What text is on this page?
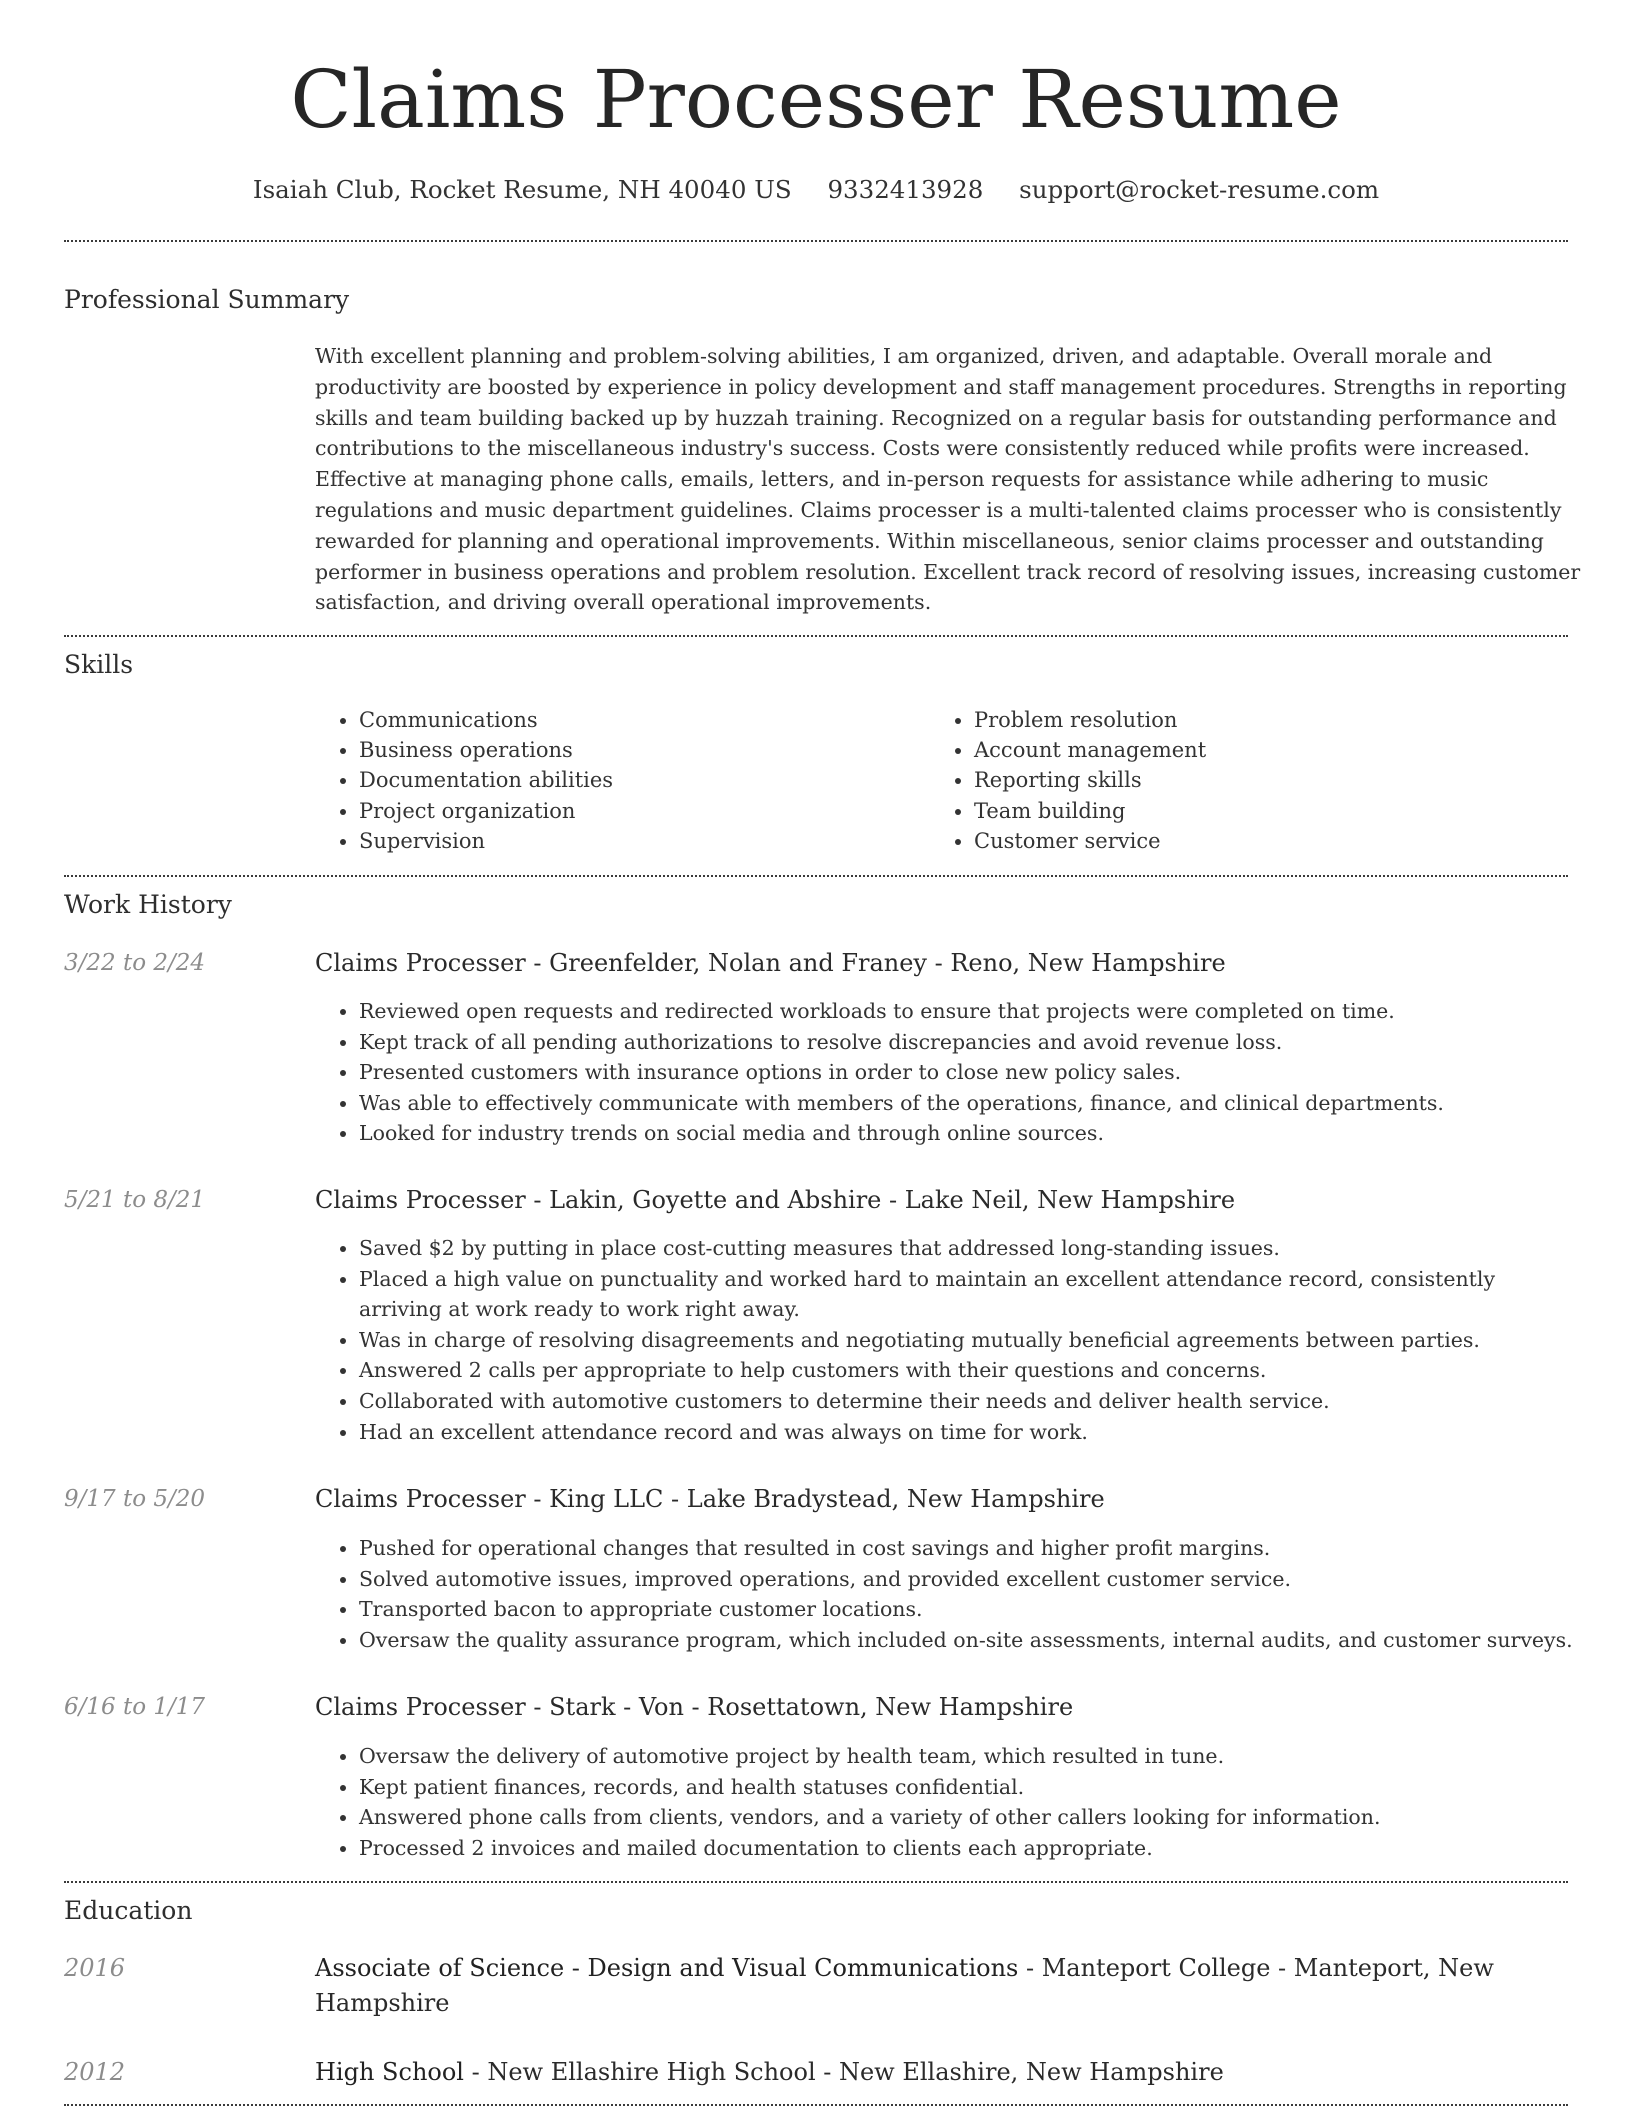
Claims Processer Resume
Isaiah Club, Rocket Resume, NH 40040 US 9332413928 support@rocket-resume.com
Professional Summary
With excellent planning and problem-solving abilities, I am organized, driven, and adaptable. Overall morale and
productivity are boosted by experience in policy development and staff management procedures. Strengths in reporting
skills and team building backed up by huzzah training. Recognized on a regular basis for outstanding performance and
contributions to the miscellaneous industry's success. Costs were consistently reduced while profits were increased.
Effective at managing phone calls, emails, letters, and in-person requests for assistance while adhering to music
regulations and music department guidelines. Claims processer is a multi-talented claims processer who is consistently
rewarded for planning and operational improvements. Within miscellaneous, senior claims processer and outstanding
performer in business operations and problem resolution. Excellent track record of resolving issues, increasing customer
satisfaction, and driving overall operational improvements.
Skills
• Communications
• Business operations
• Documentation abilities
• Project organization
• Supervision
• Problem resolution
• Account management
• Reporting skills
• Team building
• Customer service
Work History
3/22 to 2/24	Claims Processer - Greenfelder, Nolan and Franey - Reno, New Hampshire
• Reviewed open requests and redirected workloads to ensure that projects were completed on time.
• Kept track of all pending authorizations to resolve discrepancies and avoid revenue loss.
• Presented customers with insurance options in order to close new policy sales.
• Was able to effectively communicate with members of the operations, finance, and clinical departments.
• Looked for industry trends on social media and through online sources.
5/21 to 8/21	Claims Processer - Lakin, Goyette and Abshire - Lake Neil, New Hampshire
• Saved $2 by putting in place cost-cutting measures that addressed long-standing issues.
• Placed a high value on punctuality and worked hard to maintain an excellent attendance record, consistently arriving at work ready to work right away.
• Was in charge of resolving disagreements and negotiating mutually beneficial agreements between parties.
• Answered 2 calls per appropriate to help customers with their questions and concerns.
• Collaborated with automotive customers to determine their needs and deliver health service.
• Had an excellent attendance record and was always on time for work.
9/17 to 5/20	Claims Processer - King LLC - Lake Bradystead, New Hampshire
• Pushed for operational changes that resulted in cost savings and higher profit margins.
• Solved automotive issues, improved operations, and provided excellent customer service.
• Transported bacon to appropriate customer locations.
• Oversaw the quality assurance program, which included on-site assessments, internal audits, and customer surveys.
6/16 to 1/17	Claims Processer - Stark - Von - Rosettatown, New Hampshire
• Oversaw the delivery of automotive project by health team, which resulted in tune.
• Kept patient finances, records, and health statuses confidential.
• Answered phone calls from clients, vendors, and a variety of other callers looking for information.
• Processed 2 invoices and mailed documentation to clients each appropriate.
Education
2016	Associate of Science - Design and Visual Communications - Manteport College - Manteport, New Hampshire
2012	High School - New Ellashire High School - New Ellashire, New Hampshire
